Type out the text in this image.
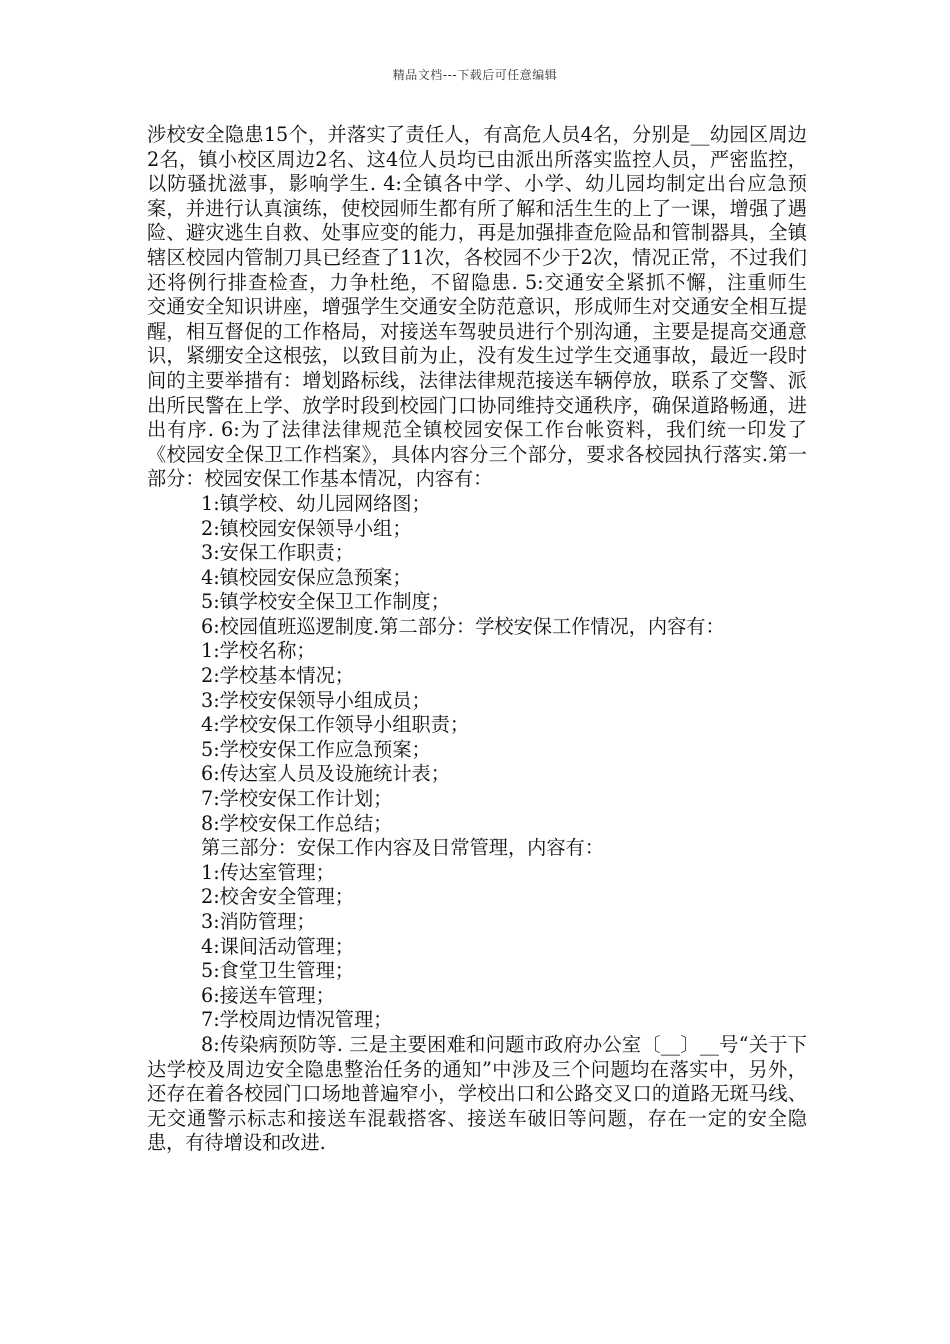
精品文档---下载后可任意编辑

涉校安全隐患15个，并落实了责任人，有高危人员4名，分别是__幼园区周边2名，镇小校区周边2名、这4位人员均已由派出所落实监控人员，严密监控，以防骚扰滋事，影响学生. 4:全镇各中学、小学、幼儿园均制定出台应急预案，并进行认真演练，使校园师生都有所了解和活生生的上了一课，增强了遇险、避灾逃生自救、处事应变的能力，再是加强排查危险品和管制器具，全镇辖区校园内管制刀具已经查了11次，各校园不少于2次，情况正常，不过我们还将例行排查检查，力争杜绝，不留隐患. 5:交通安全紧抓不懈，注重师生　交通安全知识讲座，增强学生交通安全防范意识，形成师生对交通安全相互提醒，相互督促的工作格局，对接送车驾驶员进行个别沟通，主要是提高交通意识，紧绷安全这根弦，以致目前为止，没有发生过学生交通事故，最近一段时间的主要举措有：增划路标线，法律法律规范接送车辆停放，联系了交警、派出所民警在上学、放学时段到校园门口协同维持交通秩序，确保道路畅通，进出有序. 6:为了法律法律规范全镇校园安保工作台帐资料，我们统一印发了《校园安全保卫工作档案》，具体内容分三个部分，要求各校园执行落实.第一部分：校园安保工作基本情况，内容有：

1:镇学校、幼儿园网络图；
2:镇校园安保领导小组；
3:安保工作职责；
4:镇校园安保应急预案；
5:镇学校安全保卫工作制度；
6:校园值班巡逻制度.第二部分：学校安保工作情况，内容有：
1:学校名称；
2:学校基本情况；
3:学校安保领导小组成员；
4:学校安保工作领导小组职责；
5:学校安保工作应急预案；
6:传达室人员及设施统计表；
7:学校安保工作计划；
8:学校安保工作总结；
第三部分：安保工作内容及日常管理，内容有：
1:传达室管理；
2:校舍安全管理；
3:消防管理；
4:课间活动管理；
5:食堂卫生管理；
6:接送车管理；
7:学校周边情况管理；

8:传染病预防等. 三是主要困难和问题市政府办公室〔__〕__号“关于下达学校及周边安全隐患整治任务的通知”中涉及三个问题均在落实中，另外，还存在着各校园门口场地普遍窄小，学校出口和公路交叉口的道路无斑马线、无交通警示标志和接送车混载搭客、接送车破旧等问题，存在一定的安全隐患，有待增设和改进.
